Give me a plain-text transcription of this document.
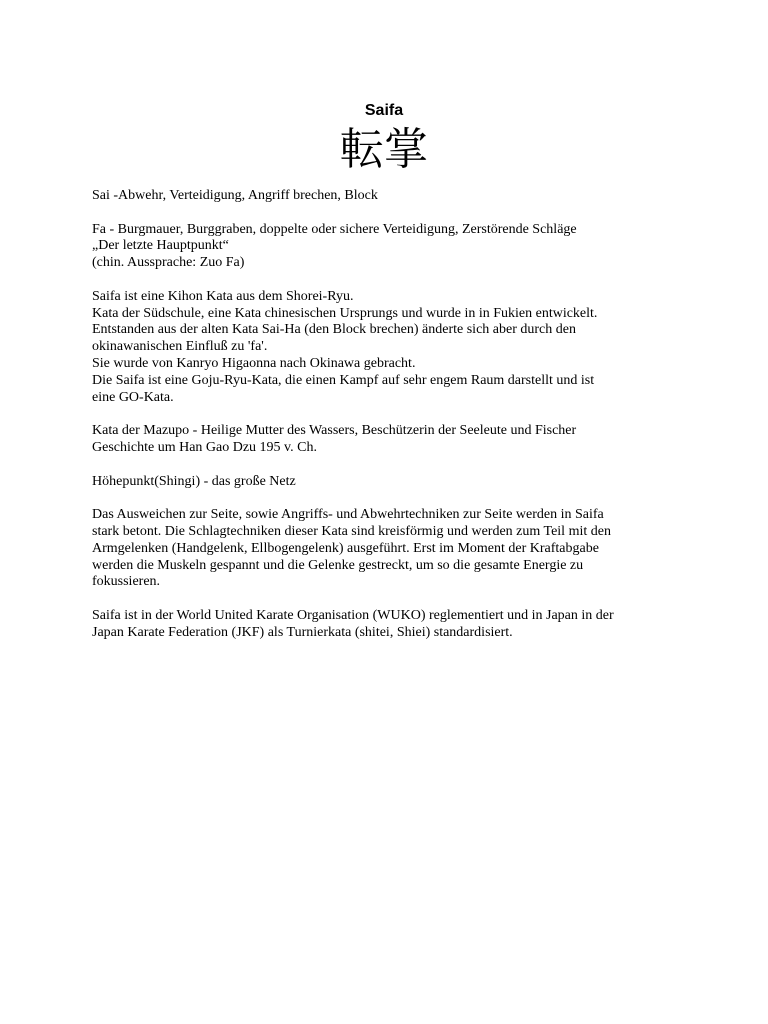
Saifa
転掌
Sai -Abwehr, Verteidigung, Angriff brechen, Block
Fa - Burgmauer, Burggraben, doppelte oder sichere Verteidigung, Zerstörende Schläge
„Der letzte Hauptpunkt“
(chin. Aussprache: Zuo Fa)
Saifa ist eine Kihon Kata aus dem Shorei-Ryu.
Kata der Südschule, eine Kata chinesischen Ursprungs und wurde in in Fukien entwickelt.
Entstanden aus der alten Kata Sai-Ha (den Block brechen) änderte sich aber durch den
okinawanischen Einfluß zu 'fa'.
Sie wurde von Kanryo Higaonna nach Okinawa gebracht.
Die Saifa ist eine Goju-Ryu-Kata, die einen Kampf auf sehr engem Raum darstellt und ist
eine GO-Kata.
Kata der Mazupo - Heilige Mutter des Wassers, Beschützerin der Seeleute und Fischer
Geschichte um Han Gao Dzu 195 v. Ch.
Höhepunkt(Shingi) - das große Netz
Das Ausweichen zur Seite, sowie Angriffs- und Abwehrtechniken zur Seite werden in Saifa
stark betont. Die Schlagtechniken dieser Kata sind kreisförmig und werden zum Teil mit den
Armgelenken (Handgelenk, Ellbogengelenk) ausgeführt. Erst im Moment der Kraftabgabe
werden die Muskeln gespannt und die Gelenke gestreckt, um so die gesamte Energie zu
fokussieren.
Saifa ist in der World United Karate Organisation (WUKO) reglementiert und in Japan in der
Japan Karate Federation (JKF) als Turnierkata (shitei, Shiei) standardisiert.
